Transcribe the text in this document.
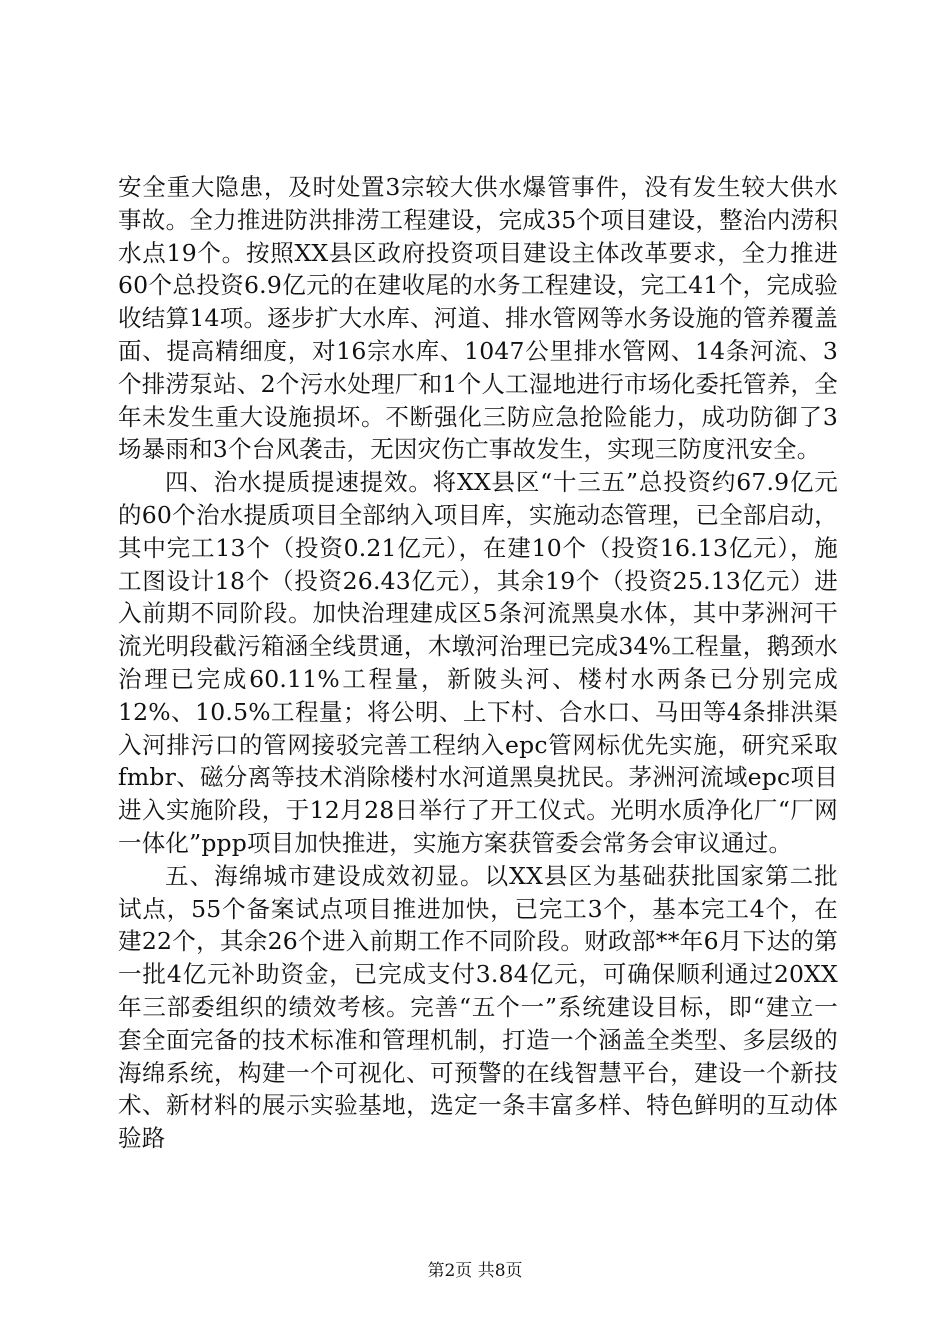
安全重大隐患，及时处置3宗较大供水爆管事件，没有发生较大供水事故。全力推进防洪排涝工程建设，完成35个项目建设，整治内涝积水点19个。按照XX县区政府投资项目建设主体改革要求，全力推进60个总投资6.9亿元的在建收尾的水务工程建设，完工41个，完成验收结算14项。逐步扩大水库、河道、排水管网等水务设施的管养覆盖面、提高精细度，对16宗水库、1047公里排水管网、14条河流、3个排涝泵站、2个污水处理厂和1个人工湿地进行市场化委托管养，全年未发生重大设施损坏。不断强化三防应急抢险能力，成功防御了3场暴雨和3个台风袭击，无因灾伤亡事故发生，实现三防度汛安全。

四、治水提质提速提效。将XX县区“十三五”总投资约67.9亿元的60个治水提质项目全部纳入项目库，实施动态管理，已全部启动，其中完工13个（投资0.21亿元），在建10个（投资16.13亿元），施工图设计18个（投资26.43亿元），其余19个（投资25.13亿元）进入前期不同阶段。加快治理建成区5条河流黑臭水体，其中茅洲河干流光明段截污箱涵全线贯通，木墩河治理已完成34%工程量，鹅颈水治理已完成60.11%工程量，新陂头河、楼村水两条已分别完成12%、10.5%工程量；将公明、上下村、合水口、马田等4条排洪渠入河排污口的管网接驳完善工程纳入epc管网标优先实施，研究采取fmbr、磁分离等技术消除楼村水河道黑臭扰民。茅洲河流域epc项目进入实施阶段，于12月28日举行了开工仪式。光明水质净化厂“厂网一体化”ppp项目加快推进，实施方案获管委会常务会审议通过。

五、海绵城市建设成效初显。以XX县区为基础获批国家第二批试点，55个备案试点项目推进加快，已完工3个，基本完工4个，在建22个，其余26个进入前期工作不同阶段。财政部**年6月下达的第一批4亿元补助资金，已完成支付3.84亿元，可确保顺利通过20XX年三部委组织的绩效考核。完善“五个一”系统建设目标，即“建立一套全面完备的技术标准和管理机制，打造一个涵盖全类型、多层级的海绵系统，构建一个可视化、可预警的在线智慧平台，建设一个新技术、新材料的展示实验基地，选定一条丰富多样、特色鲜明的互动体验路

第2页 共8页
